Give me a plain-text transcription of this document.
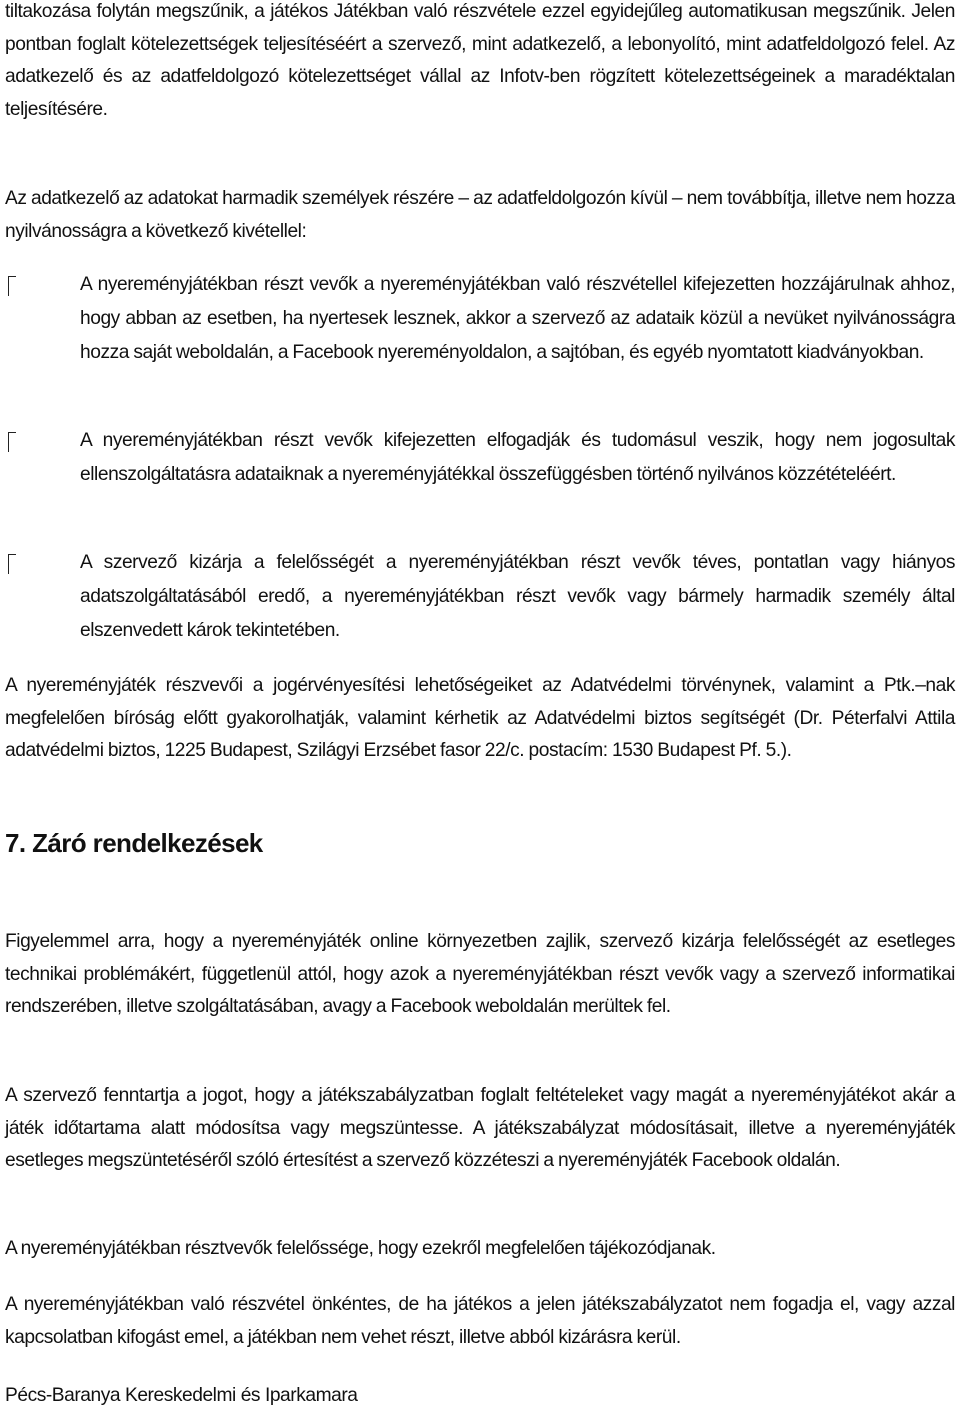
tiltakozása folytán megszűnik, a játékos Játékban való részvétele ezzel egyidejűleg automatikusan megszűnik. Jelen pontban foglalt kötelezettségek teljesítéséért a szervező, mint adatkezelő, a lebonyolító, mint adatfeldolgozó felel. Az adatkezelő és az adatfeldolgozó kötelezettséget vállal az Infotv-ben rögzített kötelezettségeinek a maradéktalan teljesítésére.

Az adatkezelő az adatokat harmadik személyek részére – az adatfeldolgozón kívül – nem továbbítja, illetve nem hozza nyilvánosságra a következő kivétellel:

A nyereményjátékban részt vevők a nyereményjátékban való részvétellel kifejezetten hozzájárulnak ahhoz, hogy abban az esetben, ha nyertesek lesznek, akkor a szervező az adataik közül a nevüket nyilvánosságra hozza saját weboldalán, a Facebook nyereményoldalon, a sajtóban, és egyéb nyomtatott kiadványokban.

A nyereményjátékban részt vevők kifejezetten elfogadják és tudomásul veszik, hogy nem jogosultak ellenszolgáltatásra adataiknak a nyereményjátékkal összefüggésben történő nyilvános közzétételéért.

A szervező kizárja a felelősségét a nyereményjátékban részt vevők téves, pontatlan vagy hiányos adatszolgáltatásából eredő, a nyereményjátékban részt vevők vagy bármely harmadik személy által elszenvedett károk tekintetében.

A nyereményjáték részvevői a jogérvényesítési lehetőségeiket az Adatvédelmi törvénynek, valamint a Ptk.–nak megfelelően bíróság előtt gyakorolhatják, valamint kérhetik az Adatvédelmi biztos segítségét (Dr. Péterfalvi Attila adatvédelmi biztos, 1225 Budapest, Szilágyi Erzsébet fasor 22/c. postacím: 1530 Budapest Pf. 5.).

7. Záró rendelkezések

Figyelemmel arra, hogy a nyereményjáték online környezetben zajlik, szervező kizárja felelősségét az esetleges technikai problémákért, függetlenül attól, hogy azok a nyereményjátékban részt vevők vagy a szervező informatikai rendszerében, illetve szolgáltatásában, avagy a Facebook weboldalán merültek fel.

A szervező fenntartja a jogot, hogy a játékszabályzatban foglalt feltételeket vagy magát a nyereményjátékot akár a játék időtartama alatt módosítsa vagy megszüntesse. A játékszabályzat módosításait, illetve a nyereményjáték esetleges megszüntetéséről szóló értesítést a szervező közzéteszi a nyereményjáték Facebook oldalán.

A nyereményjátékban résztvevők felelőssége, hogy ezekről megfelelően tájékozódjanak.

A nyereményjátékban való részvétel önkéntes, de ha játékos a jelen játékszabályzatot nem fogadja el, vagy azzal kapcsolatban kifogást emel, a játékban nem vehet részt, illetve abból kizárásra kerül.

Pécs-Baranya Kereskedelmi és Iparkamara
